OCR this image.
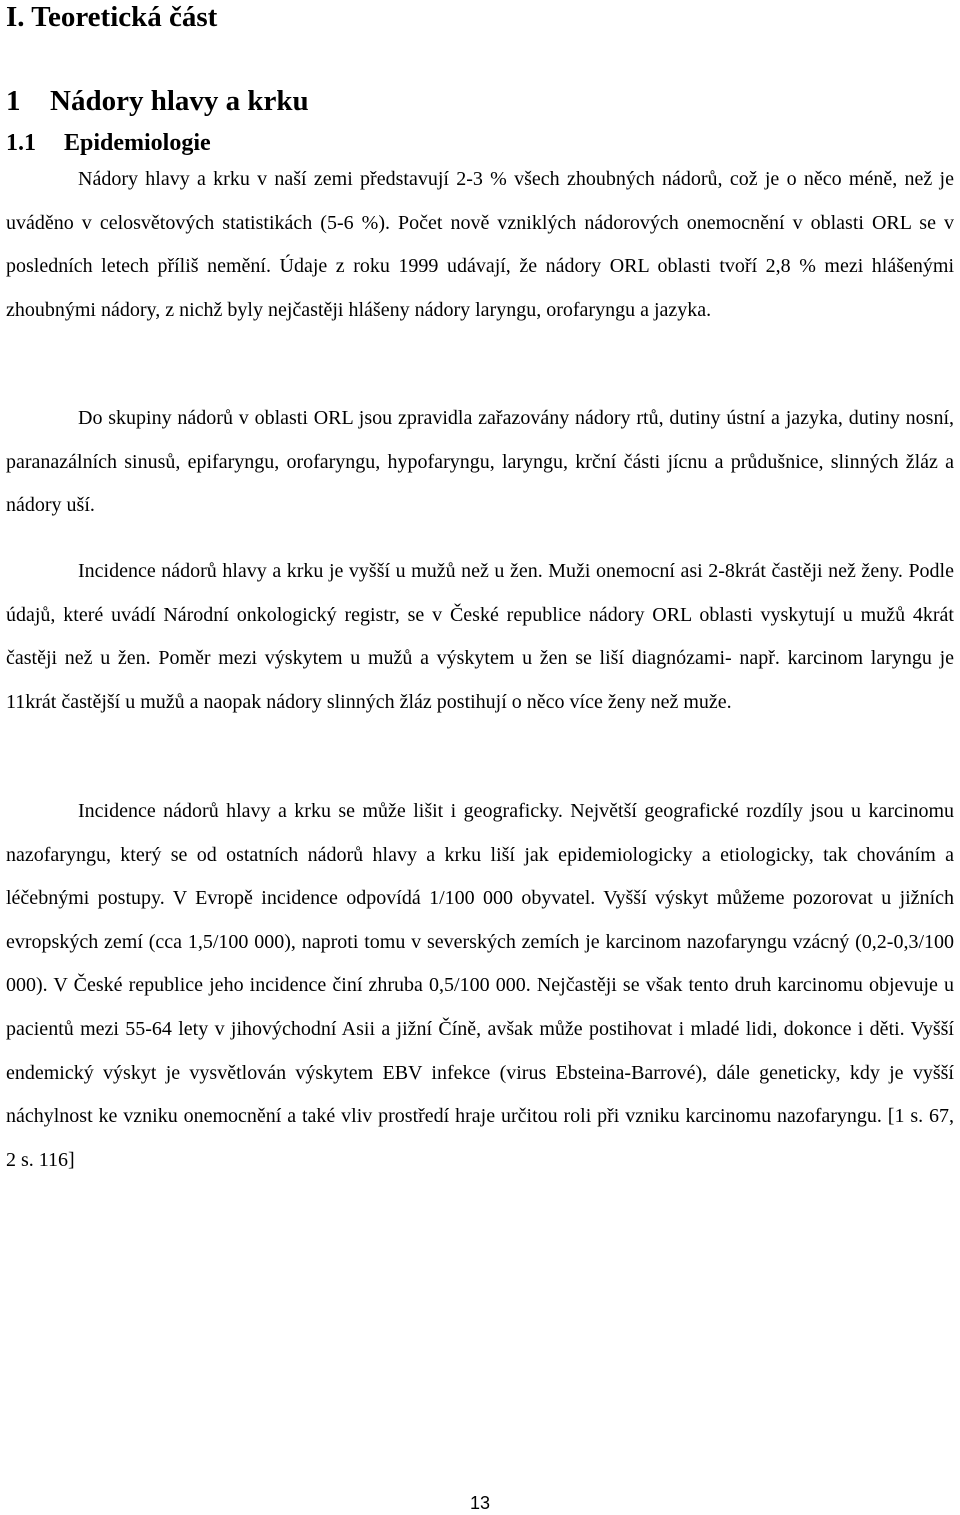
I. Teoretická část
1 Nádory hlavy a krku
1.1 Epidemiologie

Nádory hlavy a krku v naší zemi představují 2-3 % všech zhoubných nádorů, což je o něco méně, než je uváděno v celosvětových statistikách (5-6 %). Počet nově vzniklých nádorových onemocnění v oblasti ORL se v posledních letech příliš nemění. Údaje z roku 1999 udávají, že nádory ORL oblasti tvoří 2,8 % mezi hlášenými zhoubnými nádory, z nichž byly nejčastěji hlášeny nádory laryngu, orofaryngu a jazyka.

Do skupiny nádorů v oblasti ORL jsou zpravidla zařazovány nádory rtů, dutiny ústní a jazyka, dutiny nosní, paranazálních sinusů, epifaryngu, orofaryngu, hypofaryngu, laryngu, krční části jícnu a průdušnice, slinných žláz a nádory uší.

Incidence nádorů hlavy a krku je vyšší u mužů než u žen. Muži onemocní asi 2-8krát častěji než ženy. Podle údajů, které uvádí Národní onkologický registr, se v České republice nádory ORL oblasti vyskytují u mužů 4krát častěji než u žen. Poměr mezi výskytem u mužů a výskytem u žen se liší diagnózami- např. karcinom laryngu je 11krát častější u mužů a naopak nádory slinných žláz postihují o něco více ženy než muže.

Incidence nádorů hlavy a krku se může lišit i geograficky. Největší geografické rozdíly jsou u karcinomu nazofaryngu, který se od ostatních nádorů hlavy a krku liší jak epidemiologicky a etiologicky, tak chováním a léčebnými postupy. V Evropě incidence odpovídá 1/100 000 obyvatel. Vyšší výskyt můžeme pozorovat u jižních evropských zemí (cca 1,5/100 000), naproti tomu v severských zemích je karcinom nazofaryngu vzácný (0,2-0,3/100 000). V České republice jeho incidence činí zhruba 0,5/100 000. Nejčastěji se však tento druh karcinomu objevuje u pacientů mezi 55-64 lety v jihovýchodní Asii a jižní Číně, avšak může postihovat i mladé lidi, dokonce i děti. Vyšší endemický výskyt je vysvětlován výskytem EBV infekce (virus Ebsteina-Barrové), dále geneticky, kdy je vyšší náchylnost ke vzniku onemocnění a také vliv prostředí hraje určitou roli při vzniku karcinomu nazofaryngu. [1 s. 67, 2 s. 116]

13
